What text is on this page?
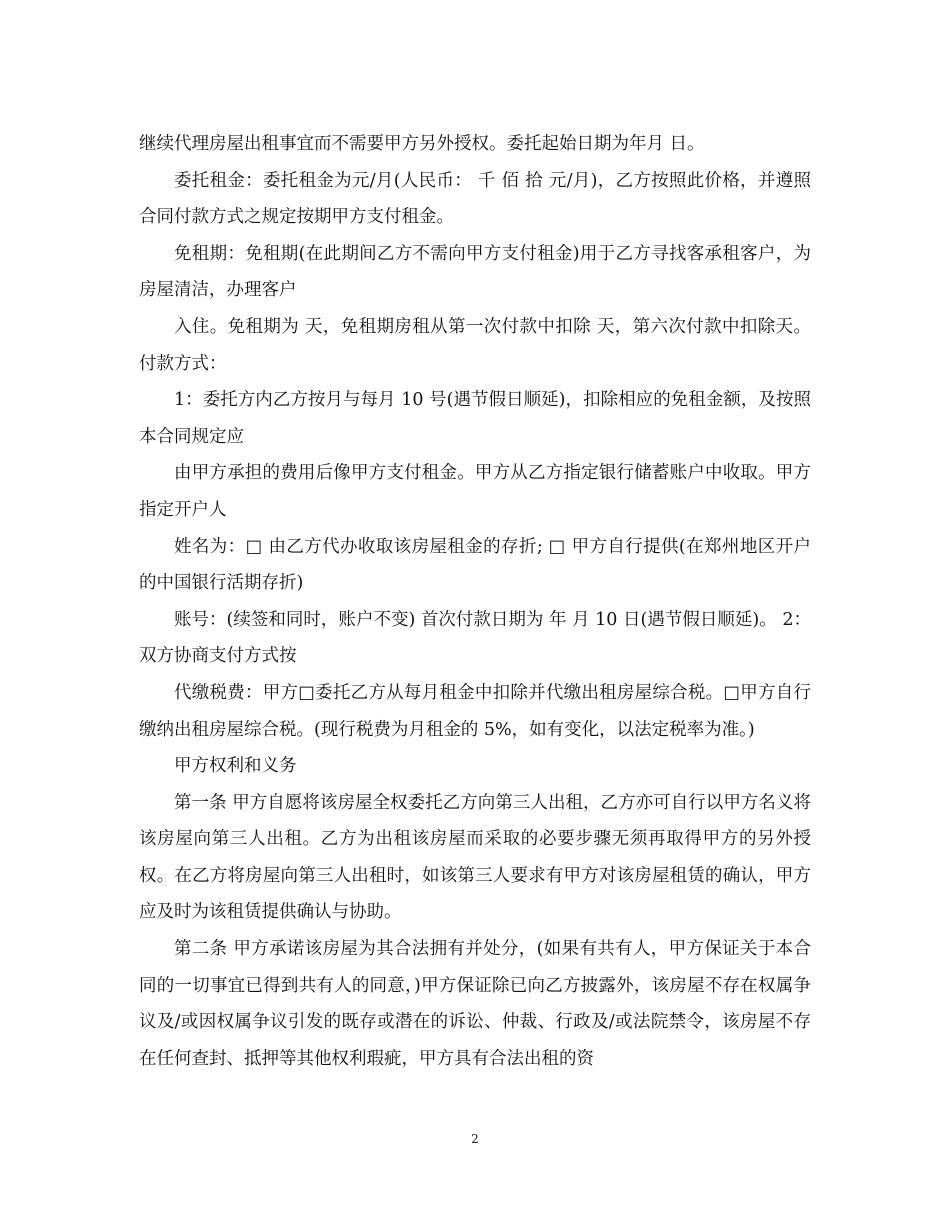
继续代理房屋出租事宜而不需要甲方另外授权。委托起始日期为年月 日。

委托租金：委托租金为元/月(人民币： 千 佰 拾 元/月)，乙方按照此价格，并遵照合同付款方式之规定按期甲方支付租金。

免租期：免租期(在此期间乙方不需向甲方支付租金)用于乙方寻找客承租客户，为房屋清洁，办理客户

入住。免租期为 天，免租期房租从第一次付款中扣除 天，第六次付款中扣除天。 付款方式：

1：委托方内乙方按月与每月 10 号(遇节假日顺延)，扣除相应的免租金额，及按照本合同规定应

由甲方承担的费用后像甲方支付租金。甲方从乙方指定银行储蓄账户中收取。甲方指定开户人

姓名为：□ 由乙方代办收取该房屋租金的存折; □ 甲方自行提供(在郑州地区开户的中国银行活期存折)

账号：(续签和同时，账户不变) 首次付款日期为 年 月 10 日(遇节假日顺延)。 2：双方协商支付方式按

代缴税费：甲方□委托乙方从每月租金中扣除并代缴出租房屋综合税。□甲方自行缴纳出租房屋综合税。(现行税费为月租金的 5%，如有变化，以法定税率为准。)

甲方权利和义务

第一条 甲方自愿将该房屋全权委托乙方向第三人出租，乙方亦可自行以甲方名义将该房屋向第三人出租。乙方为出租该房屋而采取的必要步骤无须再取得甲方的另外授权。在乙方将房屋向第三人出租时，如该第三人要求有甲方对该房屋租赁的确认，甲方应及时为该租赁提供确认与协助。

第二条 甲方承诺该房屋为其合法拥有并处分，(如果有共有人，甲方保证关于本合同的一切事宜已得到共有人的同意，)甲方保证除已向乙方披露外，该房屋不存在权属争议及/或因权属争议引发的既存或潜在的诉讼、仲裁、行政及/或法院禁令，该房屋不存在任何查封、抵押等其他权利瑕疵，甲方具有合法出租的资

2
